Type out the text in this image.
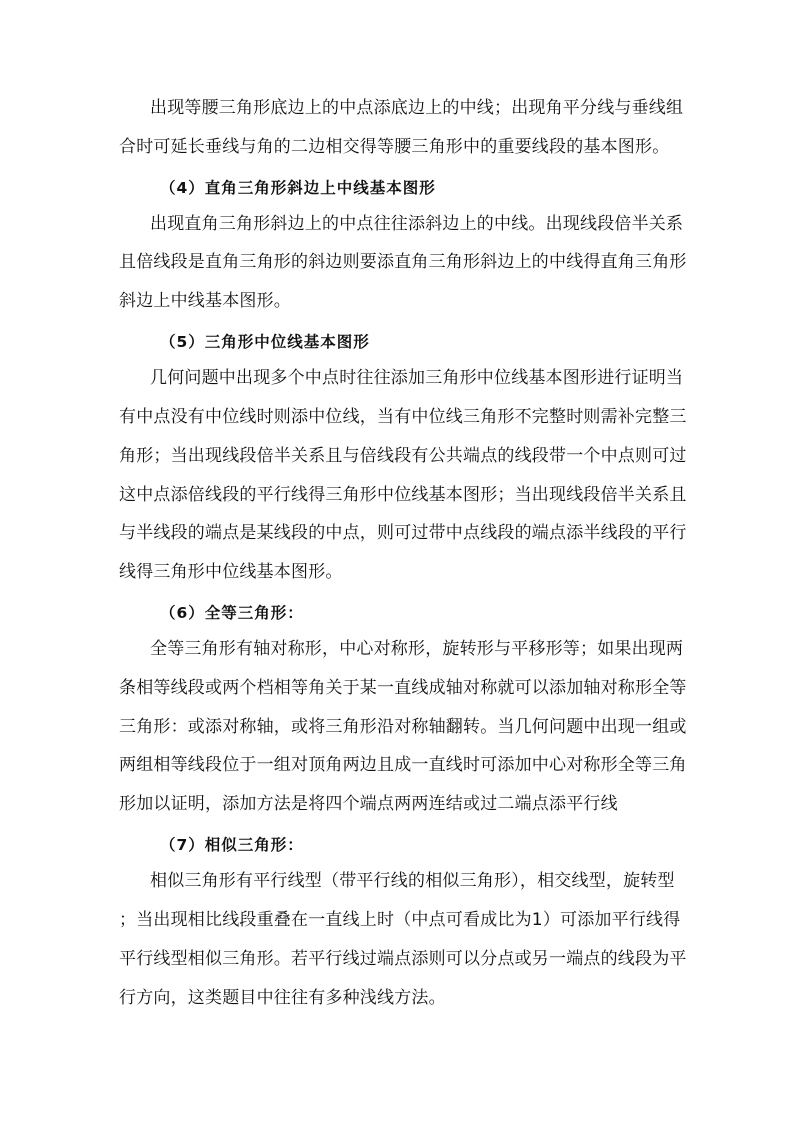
出现等腰三角形底边上的中点添底边上的中线；出现角平分线与垂线组
合时可延长垂线与角的二边相交得等腰三角形中的重要线段的基本图形。
（4）直角三角形斜边上中线基本图形
出现直角三角形斜边上的中点往往添斜边上的中线。出现线段倍半关系
且倍线段是直角三角形的斜边则要添直角三角形斜边上的中线得直角三角形
斜边上中线基本图形。
（5）三角形中位线基本图形
几何问题中出现多个中点时往往添加三角形中位线基本图形进行证明当
有中点没有中位线时则添中位线，当有中位线三角形不完整时则需补完整三
角形；当出现线段倍半关系且与倍线段有公共端点的线段带一个中点则可过
这中点添倍线段的平行线得三角形中位线基本图形；当出现线段倍半关系且
与半线段的端点是某线段的中点，则可过带中点线段的端点添半线段的平行
线得三角形中位线基本图形。
（6）全等三角形：
全等三角形有轴对称形，中心对称形，旋转形与平移形等；如果出现两
条相等线段或两个档相等角关于某一直线成轴对称就可以添加轴对称形全等
三角形：或添对称轴，或将三角形沿对称轴翻转。当几何问题中出现一组或
两组相等线段位于一组对顶角两边且成一直线时可添加中心对称形全等三角
形加以证明，添加方法是将四个端点两两连结或过二端点添平行线
（7）相似三角形：
相似三角形有平行线型（带平行线的相似三角形），相交线型，旋转型
；当出现相比线段重叠在一直线上时（中点可看成比为1）可添加平行线得
平行线型相似三角形。若平行线过端点添则可以分点或另一端点的线段为平
行方向，这类题目中往往有多种浅线方法。
